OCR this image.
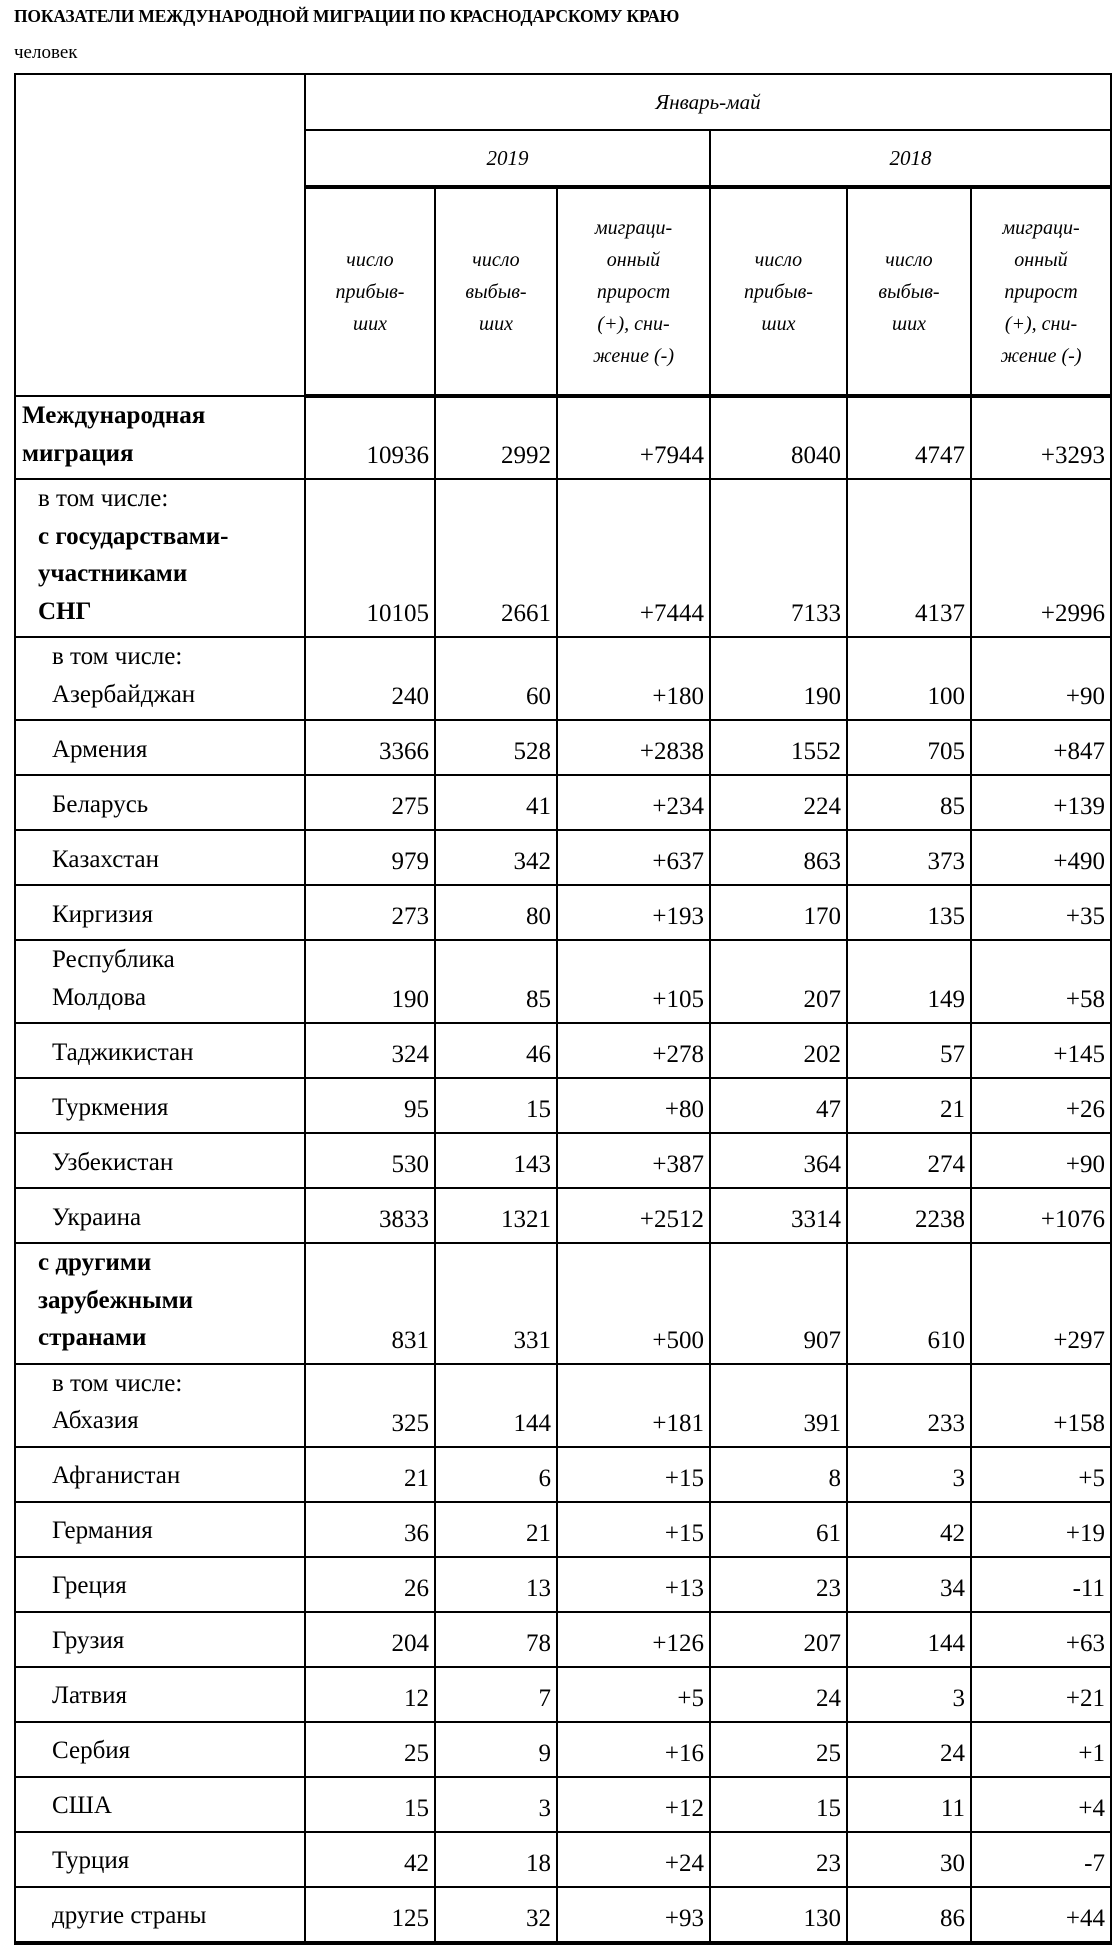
ПОКАЗАТЕЛИ МЕЖДУНАРОДНОЙ МИГРАЦИИ ПО КРАСНОДАРСКОМУ КРАЮ
человек
	Январь-май					
	2019			2018		

	число
прибыв-
ших	число
выбыв-
ших	миграци-
онный
прирост
(+), сни-
жение (-)	число
прибыв-
ших	число
выбыв-
ших	миграци-
онный
прирост
(+), сни-
жение (-)

Международная
миграция	10936	2992	+7944	8040	4747	+3293

в том числе:
с государствами-
участниками
СНГ	10105	2661	+7444	7133	4137	+2996

в том числе:
Азербайджан	240	60	+180	190	100	+90

Армения	3366	528	+2838	1552	705	+847

Беларусь	275	41	+234	224	85	+139

Казахстан	979	342	+637	863	373	+490

Киргизия	273	80	+193	170	135	+35

Республика
Молдова	190	85	+105	207	149	+58

Таджикистан	324	46	+278	202	57	+145

Туркмения	95	15	+80	47	21	+26

Узбекистан	530	143	+387	364	274	+90

Украина	3833	1321	+2512	3314	2238	+1076

с другими
зарубежными
странами	831	331	+500	907	610	+297

в том числе:
Абхазия	325	144	+181	391	233	+158

Афганистан	21	6	+15	8	3	+5

Германия	36	21	+15	61	42	+19

Греция	26	13	+13	23	34	-11

Грузия	204	78	+126	207	144	+63

Латвия	12	7	+5	24	3	+21

Сербия	25	9	+16	25	24	+1

США	15	3	+12	15	11	+4

Турция	42	18	+24	23	30	-7

другие страны	125	32	+93	130	86	+44
